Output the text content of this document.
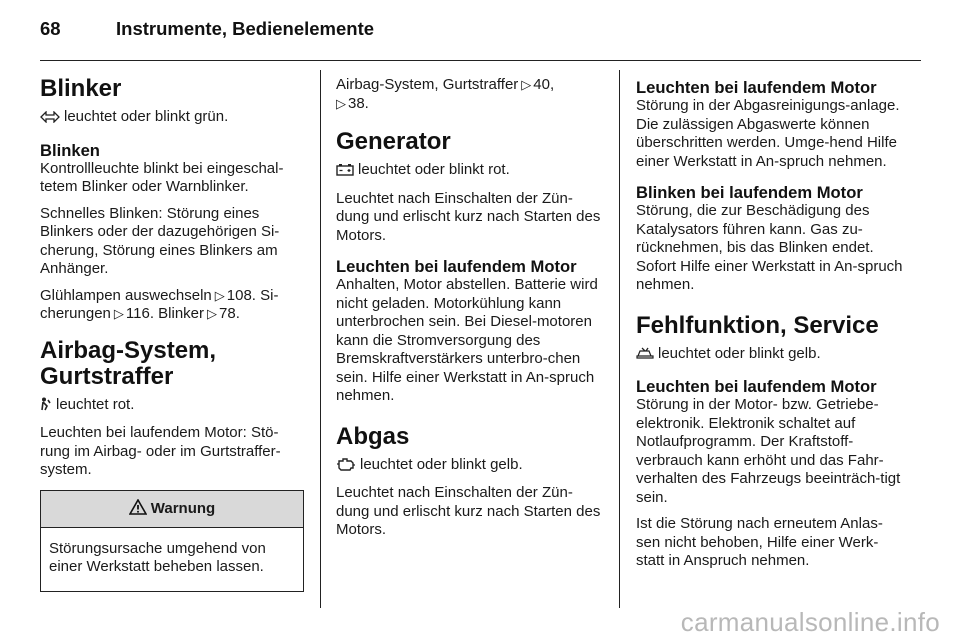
68	Instrumente, Bedienelemente
Blinker

leuchtet oder blinkt grün.

Blinken

Kontrollleuchte blinkt bei eingeschal-tetem Blinker oder Warnblinker.

Schnelles Blinken: Störung eines Blinkers oder der dazugehörigen Si-cherung, Störung eines Blinkers am Anhänger.

Glühlampen auswechseln ▷ 108. Si-cherungen ▷ 116. Blinker ▷ 78.

Airbag-System,
Gurtstraffer

leuchtet rot.

Leuchten bei laufendem Motor: Stö-rung im Airbag- oder im Gurtstraffer-system.

Warnung

Störungsursache umgehend von einer Werkstatt beheben lassen.

Airbag-System, Gurtstraffer ▷ 40,
▷ 38.

Generator

leuchtet oder blinkt rot.

Leuchtet nach Einschalten der Zün-dung und erlischt kurz nach Starten des Motors.

Leuchten bei laufendem Motor

Anhalten, Motor abstellen. Batterie wird nicht geladen. Motorkühlung kann unterbrochen sein. Bei Diesel-motoren kann die Stromversorgung des Bremskraftverstärkers unterbro-chen sein. Hilfe einer Werkstatt in An-spruch nehmen.

Abgas

leuchtet oder blinkt gelb.

Leuchtet nach Einschalten der Zün-dung und erlischt kurz nach Starten des Motors.

Leuchten bei laufendem Motor

Störung in der Abgasreinigungs-anlage. Die zulässigen Abgaswerte können überschritten werden. Umge-hend Hilfe einer Werkstatt in An-spruch nehmen.

Blinken bei laufendem Motor

Störung, die zur Beschädigung des Katalysators führen kann. Gas zu-rücknehmen, bis das Blinken endet. Sofort Hilfe einer Werkstatt in An-spruch nehmen.

Fehlfunktion, Service

leuchtet oder blinkt gelb.

Leuchten bei laufendem Motor

Störung in der Motor- bzw. Getriebe-elektronik. Elektronik schaltet auf Notlaufprogramm. Der Kraftstoff-verbrauch kann erhöht und das Fahr-verhalten des Fahrzeugs beeinträch-tigt sein.

Ist die Störung nach erneutem Anlas-sen nicht behoben, Hilfe einer Werk-statt in Anspruch nehmen.

carmanualsonline.info
